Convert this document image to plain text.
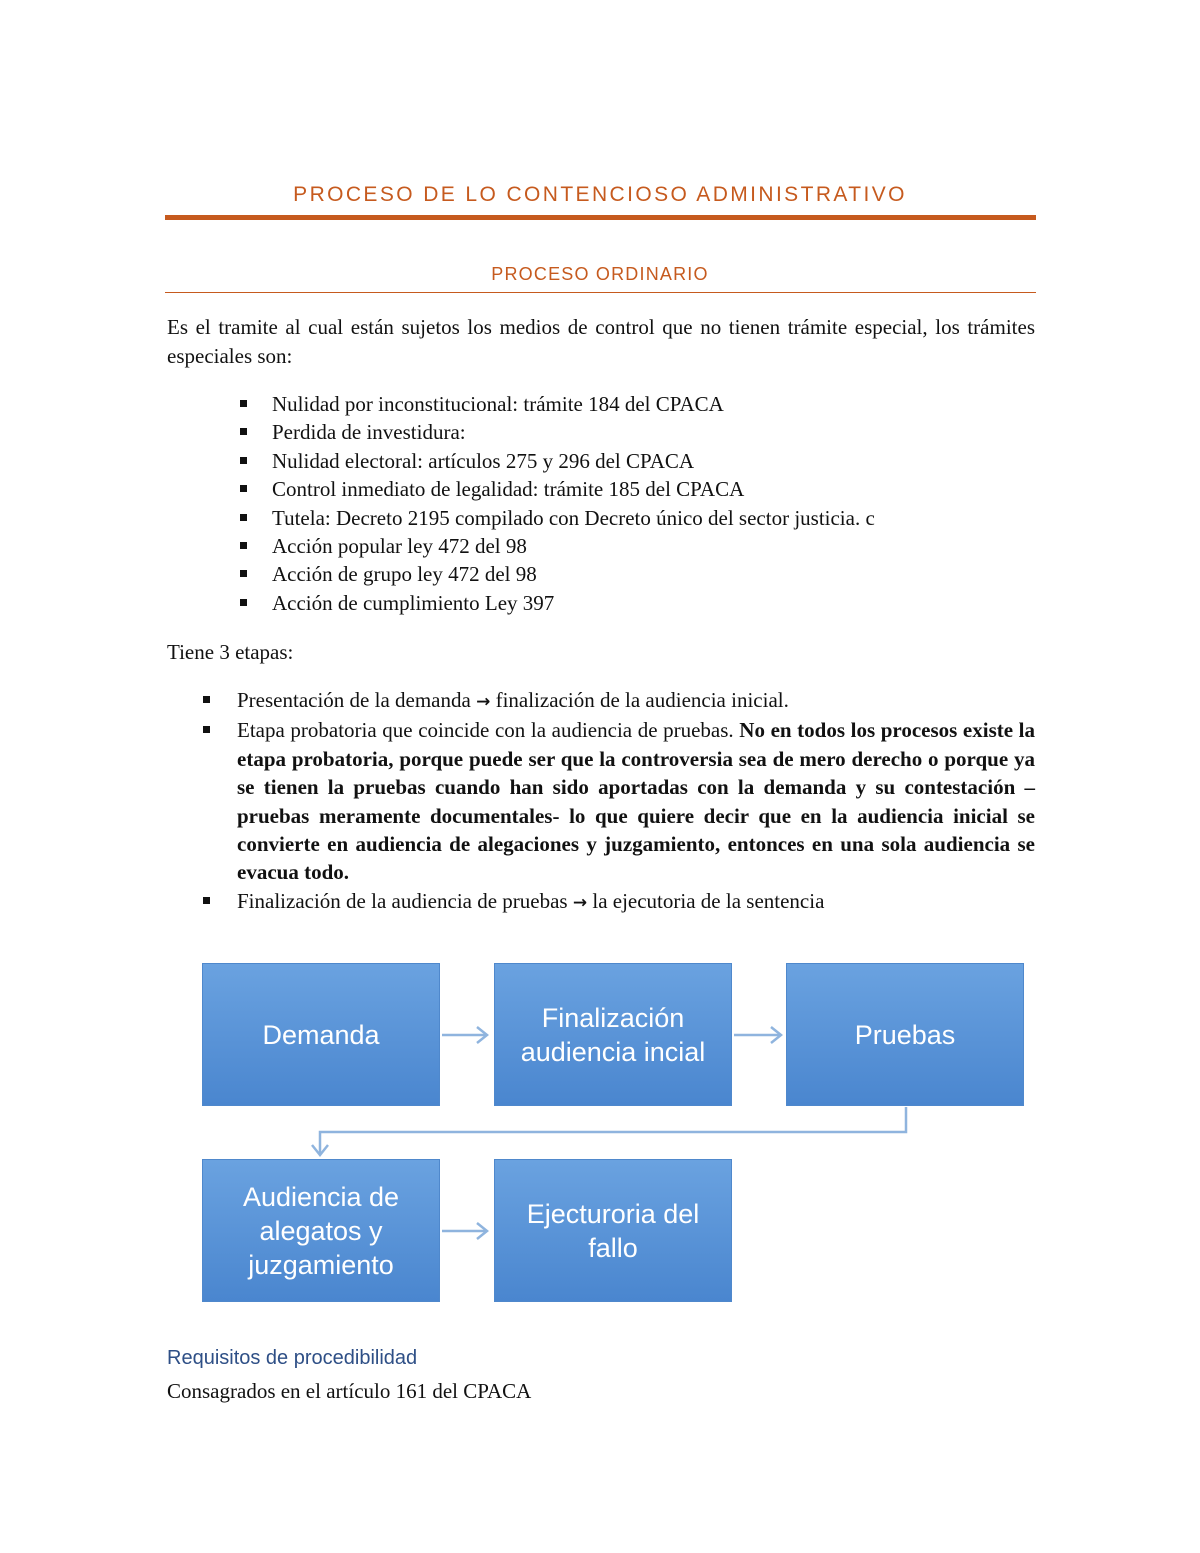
PROCESO DE LO CONTENCIOSO ADMINISTRATIVO
PROCESO ORDINARIO
Es el tramite al cual están sujetos los medios de control que no tienen trámite especial, los trámites especiales son:
Nulidad por inconstitucional: trámite 184 del CPACA
Perdida de investidura:
Nulidad electoral: artículos 275 y 296 del CPACA
Control inmediato de legalidad: trámite 185 del CPACA
Tutela: Decreto 2195 compilado con Decreto único del sector justicia. c
Acción popular ley 472 del 98
Acción de grupo ley 472 del 98
Acción de cumplimiento Ley 397
Tiene 3 etapas:
Presentación de la demanda → finalización de la audiencia inicial.
Etapa probatoria que coincide con la audiencia de pruebas. No en todos los procesos existe la etapa probatoria, porque puede ser que la controversia sea de mero derecho o porque ya se tienen la pruebas cuando han sido aportadas con la demanda y su contestación –pruebas meramente documentales- lo que quiere decir que en la audiencia inicial se convierte en audiencia de alegaciones y juzgamiento, entonces en una sola audiencia se evacua todo.
Finalización de la audiencia de pruebas → la ejecutoria de la sentencia
Demanda
Finalización audiencia incial
Pruebas
Audiencia de alegatos y juzgamiento
Ejecturoria del fallo
Requisitos de procedibilidad
Consagrados en el artículo 161 del CPACA
